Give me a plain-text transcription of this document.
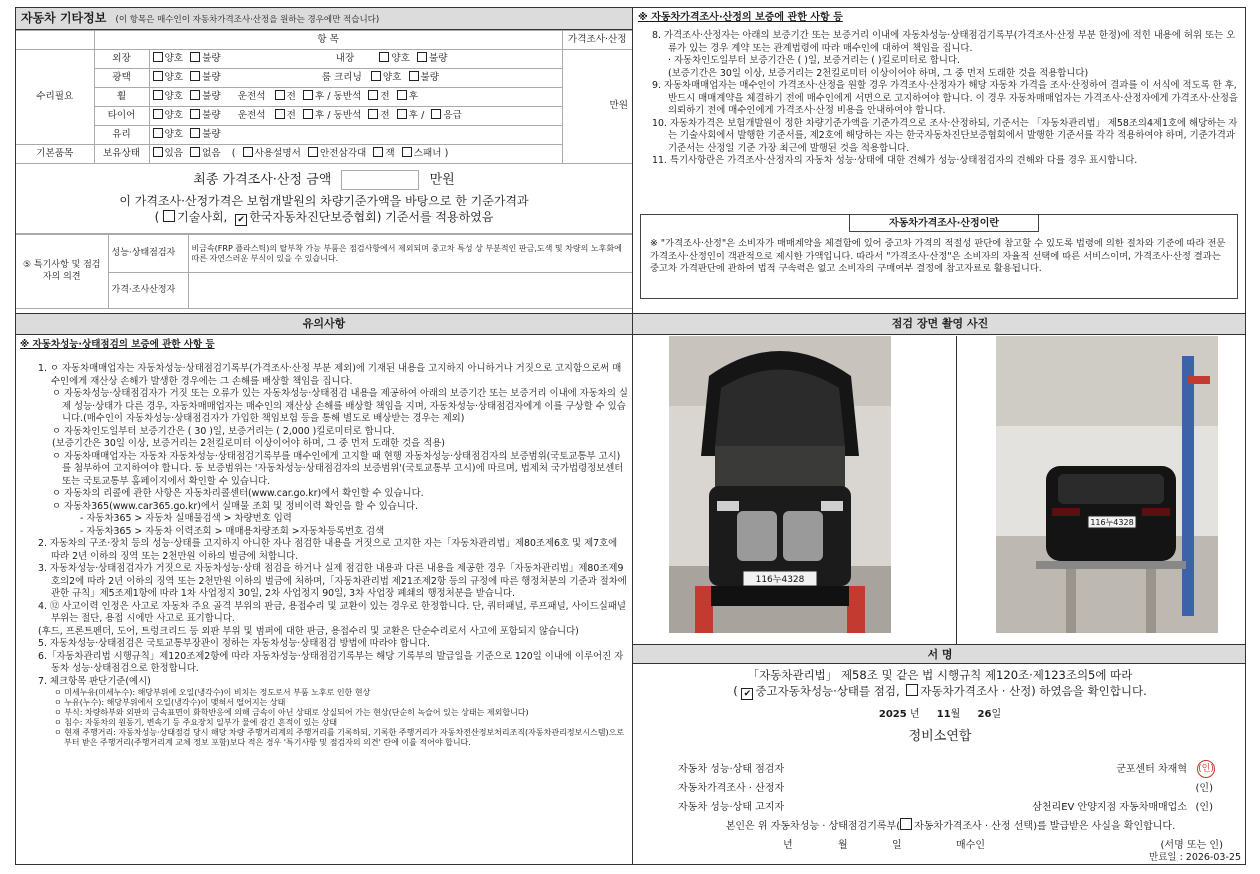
자동차 기타정보 (이 항목은 매수인이 자동차가격조사·산정을 원하는 경우에만 적습니다)
	항 목		가격조사·산정
수리필요	외장	양호 불량 내장 양호 불량	만원
	광택	양호 불량 룸 크리닝 양호 불량	
	휠	양호 불량 운전석 전 후 / 동반석 전 후	
	타이어	양호 불량 운전석 전 후 / 동반석 전 후 / 응급	
	유리	양호 불량	
기본품목	보유상태	있음 없음 ( 사용설명서 안전삼각대 잭 스패너 )	
최종 가격조사·산정 금액	만원
이 가격조사·산정가격은 보험개발원의 차량기준가액을 바탕으로 한 기준가격과
( 기술사회, ✔ 한국자동차진단보증협회) 기준서를 적용하였음
⑤ 특기사항 및 점검자의 의견	성능·상태점검자	비금속(FRP 플라스틱)의 탈부착 가능 부품은 점검사항에서 제외되며 중고차 특성 상 부분적인 판금,도색 및 차량의 노후화에 따른 자연스러운 부식이 있을 수 있습니다.
	가격·조사산정자	
유의사항
※ 자동차성능·상태점검의 보증에 관한 사항 등
1. ㅇ 자동차매매업자는 자동차성능·상태점검기록부(가격조사·산정 부분 제외)에 기재된 내용을 고지하지 아니하거나 거짓으로 고지함으로써 매수인에게 재산상 손해가 발생한 경우에는 그 손해를 배상할 책임을 집니다.
ㅇ 자동차성능·상태점검자가 거짓 또는 오류가 있는 자동차성능·상태점검 내용을 제공하여 아래의 보증기간 또는 보증거리 이내에 자동차의 실제 성능·상태가 다른 경우, 자동차매매업자는 매수인의 재산상 손해를 배상할 책임을 지며, 자동차성능·상태점검자에게 이를 구상할 수 있습니다.(매수인이 자동차성능·상태점검자가 가입한 책임보험 등을 통해 별도로 배상받는 경우는 제외)
ㅇ 자동차인도일부터 보증기간은 ( 30 )일, 보증거리는 ( 2,000 )킬로미터로 합니다.
(보증기간은 30일 이상, 보증거리는 2천킬로미터 이상이어야 하며, 그 중 먼저 도래한 것을 적용)
ㅇ 자동차매매업자는 자동차 자동차성능·상태점검기록부를 매수인에게 고지할 때 현행 자동차성능·상태점검자의 보증범위(국토교통부 고시)를 첨부하여 고지하여야 합니다. 동 보증범위는 '자동차성능·상태점검자의 보증범위'(국토교통부 고시)에 따르며, 법제처 국가법령정보센터 또는 국토교통부 홈페이지에서 확인할 수 있습니다.
ㅇ 자동차의 리콜에 관한 사항은 자동차리콜센터(www.car.go.kr)에서 확인할 수 있습니다.
ㅇ 자동차365(www.car365.go.kr)에서 실매물 조회 및 정비이력 확인을 할 수 있습니다.
- 자동차365 > 자동차 실매물검색 > 차량번호 입력
- 자동차365 > 자동차 이력조회 > 매매용차량조회 >자동차등록번호 검색
2. 자동차의 구조·장치 등의 성능·상태를 고지하지 아니한 자나 점검한 내용을 거짓으로 고지한 자는「자동차관리법」제80조제6호 및 제7호에 따라 2년 이하의 징역 또는 2천만원 이하의 벌금에 처합니다.
3. 자동차성능·상태점검자가 거짓으로 자동차성능·상태 점검을 하거나 실제 점검한 내용과 다른 내용을 제공한 경우「자동차관리법」제80조제9호의2에 따라 2년 이하의 징역 또는 2천만원 이하의 벌금에 처하며,「자동차관리법 제21조제2항 등의 규정에 따른 행정처분의 기준과 절차에 관한 규칙」제5조제1항에 따라 1차 사업정지 30일, 2차 사업정지 90일, 3차 사업장 폐쇄의 행정처분을 받습니다.
4. ⑫ 사고이력 인정은 사고로 자동차 주요 골격 부위의 판금, 용접수리 및 교환이 있는 경우로 한정합니다. 단, 쿼터패널, 루프패널, 사이드실패널 부위는 절단, 용접 시에만 사고로 표기합니다.
(후드, 프론트펜더, 도어, 트렁크리드 등 외판 부위 및 범퍼에 대한 판금, 용접수리 및 교환은 단순수리로서 사고에 포함되지 않습니다)
5. 자동차성능·상태점검은 국토교통부장관이 정하는 자동차성능·상태점검 방법에 따라야 합니다.
6.「자동차관리법 시행규칙」제120조제2항에 따라 자동차성능·상태점검기록부는 해당 기록부의 발급일을 기준으로 120일 이내에 이루어진 자동차 성능·상태점검으로 한정합니다.
7. 체크항목 판단기준(예시)
ㅇ 미세누유(미세누수): 해당부위에 오일(냉각수)이 비치는 정도로서 부품 노후로 인한 현상
ㅇ 누유(누수): 해당부위에서 오일(냉각수)이 맺혀서 떨어지는 상태
ㅇ 부식: 차량하부와 외판의 금속표면이 화학반응에 의해 금속이 아닌 상태로 상실되어 가는 현상(단순히 녹슬어 있는 상태는 제외합니다)
ㅇ 침수: 자동차의 원동기, 변속기 등 주요장치 일부가 물에 잠긴 흔적이 있는 상태
ㅇ 현재 주행거리: 자동차성능·상태점검 당시 해당 차량 주행거리계의 주행거리를 기록하되, 기록한 주행거리가 자동차전산정보처리조직(자동차관리정보시스템)으로부터 받은 주행거리(주행거리계 교체 정보 포함)보다 적은 경우 '특기사항 및 점검자의 의견' 란에 이를 적어야 합니다.
※ 자동차가격조사·산정의 보증에 관한 사항 등
8. 가격조사·산정자는 아래의 보증기간 또는 보증거리 이내에 자동차성능·상태점검기록부(가격조사·산정 부분 한정)에 적힌 내용에 허위 또는 오류가 있는 경우 계약 또는 관계법령에 따라 매수인에 대하여 책임을 집니다.
· 자동차인도일부터 보증기간은 ( )일, 보증거리는 ( )킬로미터로 합니다.
(보증기간은 30일 이상, 보증거리는 2천킬로미터 이상이어야 하며, 그 중 먼저 도래한 것을 적용합니다)
9. 자동차매매업자는 매수인이 가격조사·산정을 원할 경우 가격조사·산정자가 해당 자동차 가격을 조사·산정하여 결과를 이 서식에 적도록 한 후, 반드시 매매계약을 체결하기 전에 매수인에게 서면으로 고지하여야 합니다. 이 경우 자동차매매업자는 가격조사·산정자에게 가격조사·산정을 의뢰하기 전에 매수인에게 가격조사·산정 비용을 안내하여야 합니다.
10. 자동차가격은 보험개발원이 정한 차량기준가액을 기준가격으로 조사·산정하되, 기준서는 「자동차관리법」 제58조의4제1호에 해당하는 자는 기술사회에서 발행한 기준서를, 제2호에 해당하는 자는 한국자동차진단보증협회에서 발행한 기준서를 각각 적용하여야 하며, 기준가격과 기준서는 산정일 기준 가장 최근에 발행된 것을 적용합니다.
11. 특기사항란은 가격조사·산정자의 자동차 성능·상태에 대한 견해가 성능·상태점검자의 견해와 다를 경우 표시합니다.
자동차가격조사·산정이란
※ "가격조사·산정"은 소비자가 매매계약을 체결함에 있어 중고차 가격의 적절성 판단에 참고할 수 있도록 법령에 의한 절차와 기준에 따라 전문 가격조사·산정인이 객관적으로 제시한 가액입니다. 따라서 "가격조사·산정"은 소비자의 자율적 선택에 따른 서비스이며, 가격조사·산정 결과는 중고차 가격판단에 관하여 법적 구속력은 없고 소비자의 구매여부 결정에 참고자료로 활용됩니다.
점검 장면 촬영 사진
116누4328
116누4328
서 명
「자동차관리법」 제58조 및 같은 법 시행규칙 제120조·제123조의5에 따라
( ✔ 중고자동차성능·상태를 점검, 자동차가격조사 · 산정) 하였음을 확인합니다.
2025 년 11월 26일
정비소연합
자동차 성능·상태 점검자	군포센터 차재혁 (인)
자동차가격조사 · 산정자	(인)
자동차 성능·상태 고지자	삼천리EV 안양지점 자동차매매업소 (인)
본인은 위 자동차성능 · 상태점검기록부( 자동차가격조사 · 산정 선택)를 발급받은 사실을 확인합니다.
년	월	일	매수인	(서명 또는 인)
만료일 : 2026-03-25
